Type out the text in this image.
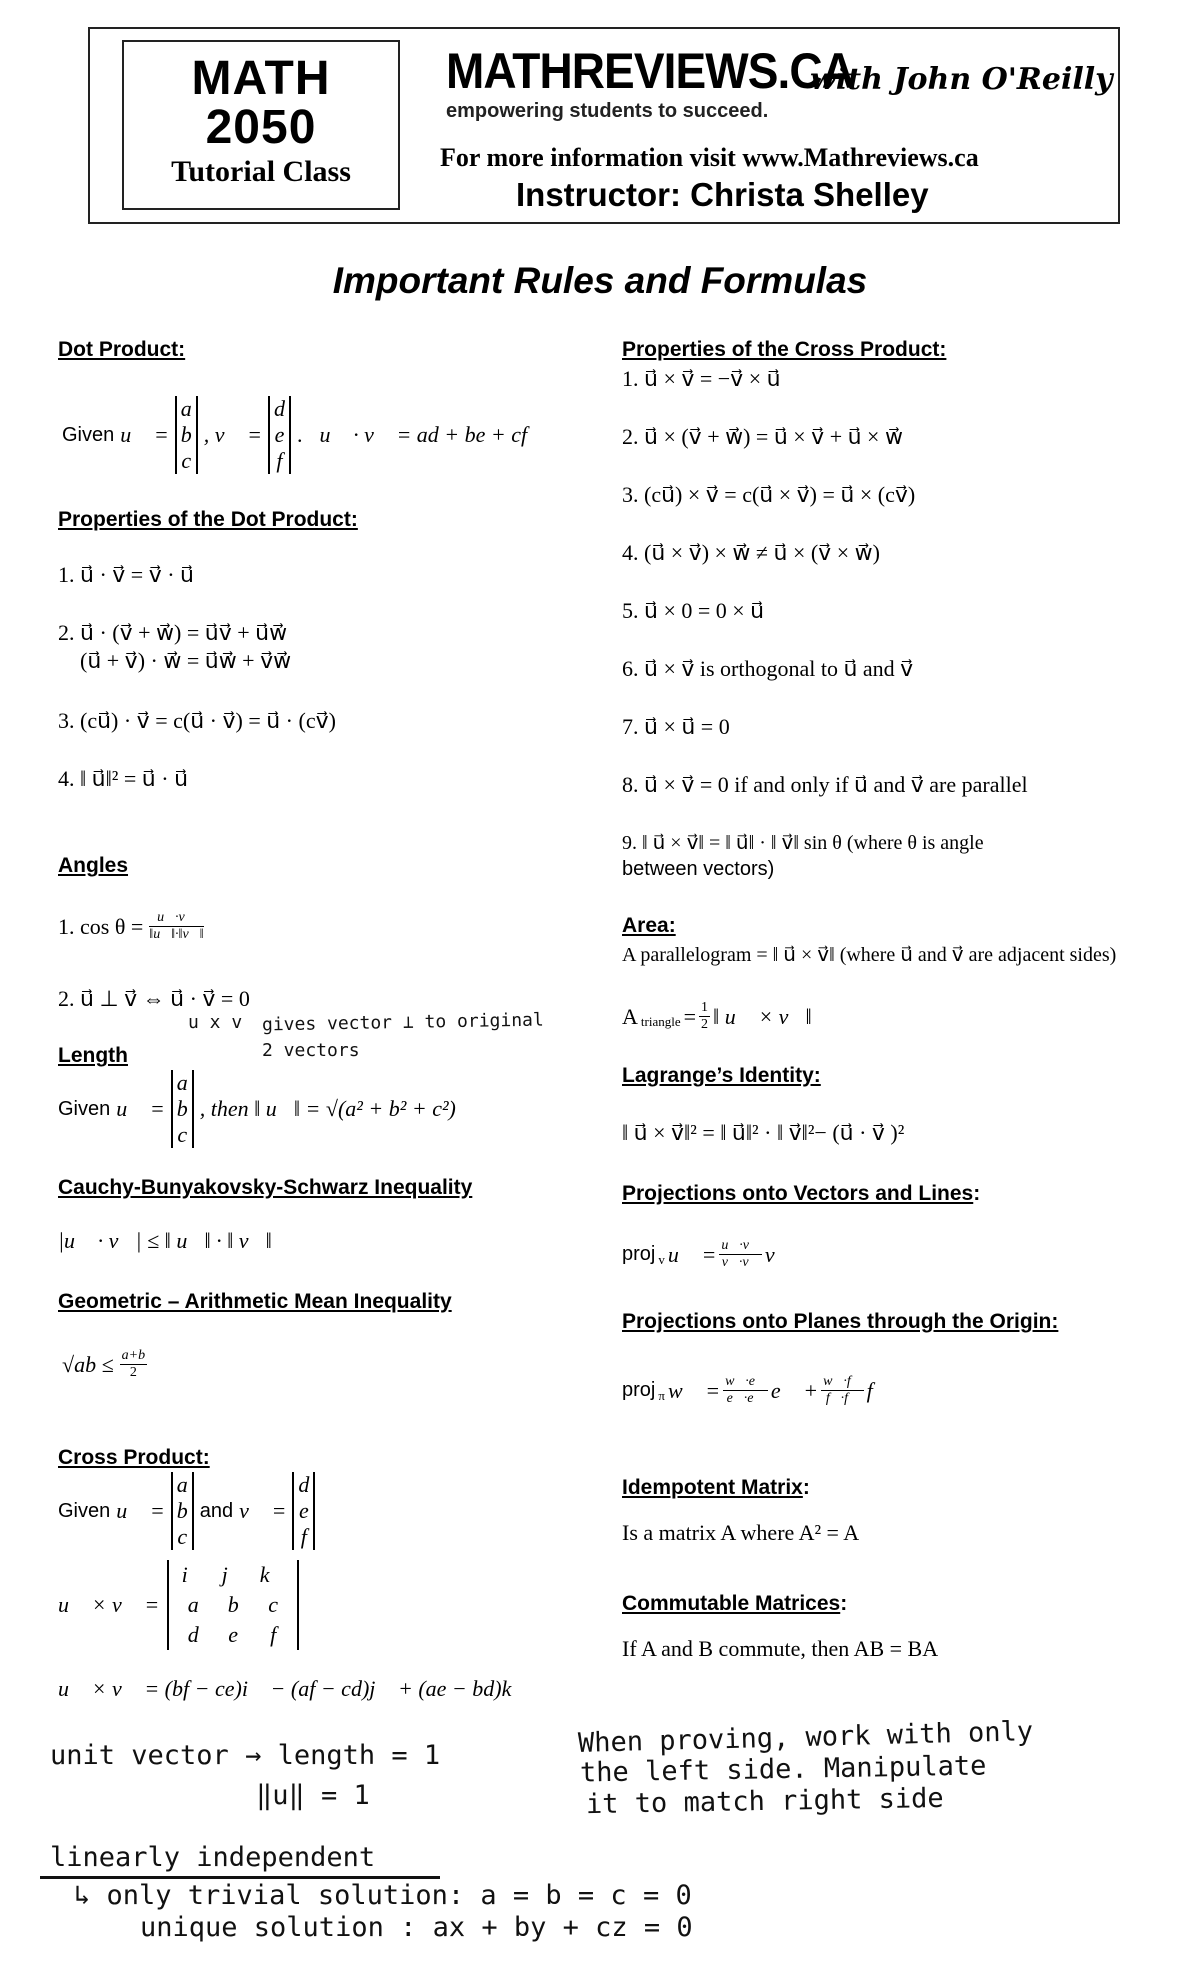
MATH
2050
Tutorial Class
MATHREVIEWS.CA
with John O'Reilly
empowering students to succeed.
For more information visit www.Mathreviews.ca
Instructor: Christa Shelley
Important Rules and Formulas
Dot Product:
Given u⃗ =
a
b
c
, v⃗ =
d
e
f
. u⃗ · v⃗ = ad + be + cf
Properties of the Dot Product:
1. u⃗ · v⃗ = v⃗ · u⃗
2. u⃗ · (v⃗ + w⃗) = u⃗v⃗ + u⃗w⃗
(u⃗ + v⃗) · w⃗ = u⃗w⃗ + v⃗w⃗
3. (cu⃗) · v⃗ = c(u⃗ · v⃗) = u⃗ · (cv⃗)
4. ‖ u⃗‖² = u⃗ · u⃗
Angles
1. $\cos \theta = \frac{u⃗\cdot v⃗}{‖u⃗‖\cdot‖v⃗‖}$
2. u⃗ ⊥ v⃗ ⇔ u⃗ · v⃗ = 0
u x v gives vector ⊥ to original
2 vectors
Length
Given u⃗ =
a
b
c
, then ‖ u⃗‖ = √(a² + b² + c²)
Cauchy-Bunyakovsky-Schwarz Inequality
|u⃗ · v⃗| ≤ ‖ u⃗‖ · ‖ v⃗‖
Geometric – Arithmetic Mean Inequality
$√ab \le \frac{a+b}{2}$
Cross Product:
Given u⃗ =
a
b
c
and v⃗ =
d
e
f
u⃗ × v⃗ =
i⃗ j⃗ k⃗
a	b	c
d	e	f
u⃗ × v⃗ = (bf − ce)i⃗ − (af − cd)j⃗ + (ae − bd)k⃗
Properties of the Cross Product:
1. u⃗ × v⃗ = −v⃗ × u⃗
2. u⃗ × (v⃗ + w⃗) = u⃗ × v⃗ + u⃗ × w⃗
3. (cu⃗) × v⃗ = c(u⃗ × v⃗) = u⃗ × (cv⃗)
4. (u⃗ × v⃗) × w⃗ ≠ u⃗ × (v⃗ × w⃗)
5. u⃗ × 0 = 0 × u⃗
6. u⃗ × v⃗ is orthogonal to u⃗ and v⃗
7. u⃗ × u⃗ = 0
8. u⃗ × v⃗ = 0 if and only if u⃗ and v⃗ are parallel
9. ‖ u⃗ × v⃗‖ = ‖ u⃗‖ · ‖ v⃗‖ sin θ (where θ is angle
between vectors)
Area:
A parallelogram = ‖ u⃗ × v⃗‖ (where u⃗ and v⃗ are adjacent sides)
A triangle = $\frac{1}{2}$ ‖ u⃗ × v⃗‖
Lagrange’s Identity:
‖ u⃗ × v⃗‖² = ‖ u⃗‖² · ‖ v⃗‖²− (u⃗ · v⃗ )²
Projections onto Vectors and Lines:
proj v u⃗ = $\frac{u⃗\cdot v⃗}{v⃗\cdot v⃗}$ v⃗
Projections onto Planes through the Origin:
proj π w⃗ = $\frac{w⃗\cdot e⃗}{e⃗\cdot e⃗}$ e⃗ + $\frac{w⃗\cdot f⃗}{f⃗\cdot f⃗}$ f⃗
Idempotent Matrix:
Is a matrix A where A² = A
Commutable Matrices:
If A and B commute, then AB = BA
unit vector → length = 1
‖u‖ = 1
When proving, work with only
the left side. Manipulate
it to match right side
linearly independent
↳ only trivial solution: a = b = c = 0
unique solution : ax + by + cz = 0
